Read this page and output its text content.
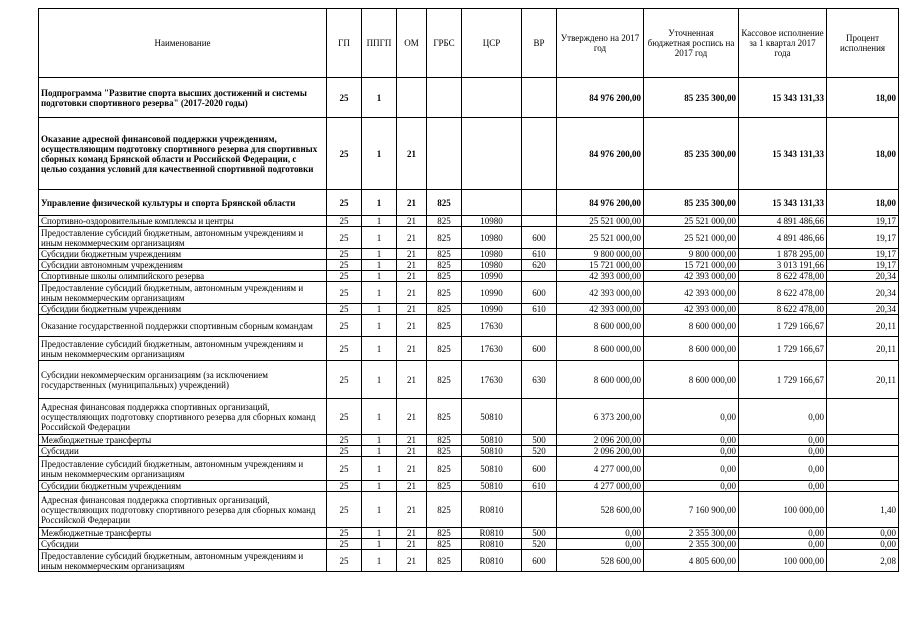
Наименование	ГП	ППГП	ОМ	ГРБС	ЦСР	ВР	Утверждено на 2017 год	Уточненная бюджетная роспись на 2017 год	Кассовое исполнение за 1 квартал 2017 года	Процент исполнения
Подпрограмма "Развитие спорта высших достижений и системы подготовки спортивного резерва" (2017-2020 годы)	25	1					84 976 200,00	85 235 300,00	15 343 131,33	18,00
Оказание адресной финансовой поддержки учреждениям, осуществляющим подготовку спортивного резерва для спортивных сборных команд Брянской области и Российской Федерации, с целью создания условий для качественной спортивной подготовки	25	1	21				84 976 200,00	85 235 300,00	15 343 131,33	18,00
Управление физической культуры и спорта Брянской области	25	1	21	825			84 976 200,00	85 235 300,00	15 343 131,33	18,00
Спортивно-оздоровительные комплексы и центры	25	1	21	825	10980		25 521 000,00	25 521 000,00	4 891 486,66	19,17
Предоставление субсидий бюджетным, автономным учреждениям и иным некоммерческим организациям	25	1	21	825	10980	600	25 521 000,00	25 521 000,00	4 891 486,66	19,17
Субсидии бюджетным учреждениям	25	1	21	825	10980	610	9 800 000,00	9 800 000,00	1 878 295,00	19,17
Субсидии автономным учреждениям	25	1	21	825	10980	620	15 721 000,00	15 721 000,00	3 013 191,66	19,17
Спортивные школы олимпийского резерва	25	1	21	825	10990		42 393 000,00	42 393 000,00	8 622 478,00	20,34
Предоставление субсидий бюджетным, автономным учреждениям и иным некоммерческим организациям	25	1	21	825	10990	600	42 393 000,00	42 393 000,00	8 622 478,00	20,34
Субсидии бюджетным учреждениям	25	1	21	825	10990	610	42 393 000,00	42 393 000,00	8 622 478,00	20,34
Оказание государственной поддержки спортивным сборным командам	25	1	21	825	17630		8 600 000,00	8 600 000,00	1 729 166,67	20,11
Предоставление субсидий бюджетным, автономным учреждениям и иным некоммерческим организациям	25	1	21	825	17630	600	8 600 000,00	8 600 000,00	1 729 166,67	20,11
Субсидии некоммерческим организациям (за исключением государственных (муниципальных) учреждений)	25	1	21	825	17630	630	8 600 000,00	8 600 000,00	1 729 166,67	20,11
Адресная финансовая поддержка спортивных организаций, осуществляющих подготовку спортивного резерва для сборных команд Российской Федерации	25	1	21	825	50810		6 373 200,00	0,00	0,00	
Межбюджетные трансферты	25	1	21	825	50810	500	2 096 200,00	0,00	0,00	
Субсидии	25	1	21	825	50810	520	2 096 200,00	0,00	0,00	
Предоставление субсидий бюджетным, автономным учреждениям и иным некоммерческим организациям	25	1	21	825	50810	600	4 277 000,00	0,00	0,00	
Субсидии бюджетным учреждениям	25	1	21	825	50810	610	4 277 000,00	0,00	0,00	
Адресная финансовая поддержка спортивных организаций, осуществляющих подготовку спортивного резерва для сборных команд Российской Федерации	25	1	21	825	R0810		528 600,00	7 160 900,00	100 000,00	1,40
Межбюджетные трансферты	25	1	21	825	R0810	500	0,00	2 355 300,00	0,00	0,00
Субсидии	25	1	21	825	R0810	520	0,00	2 355 300,00	0,00	0,00
Предоставление субсидий бюджетным, автономным учреждениям и иным некоммерческим организациям	25	1	21	825	R0810	600	528 600,00	4 805 600,00	100 000,00	2,08
